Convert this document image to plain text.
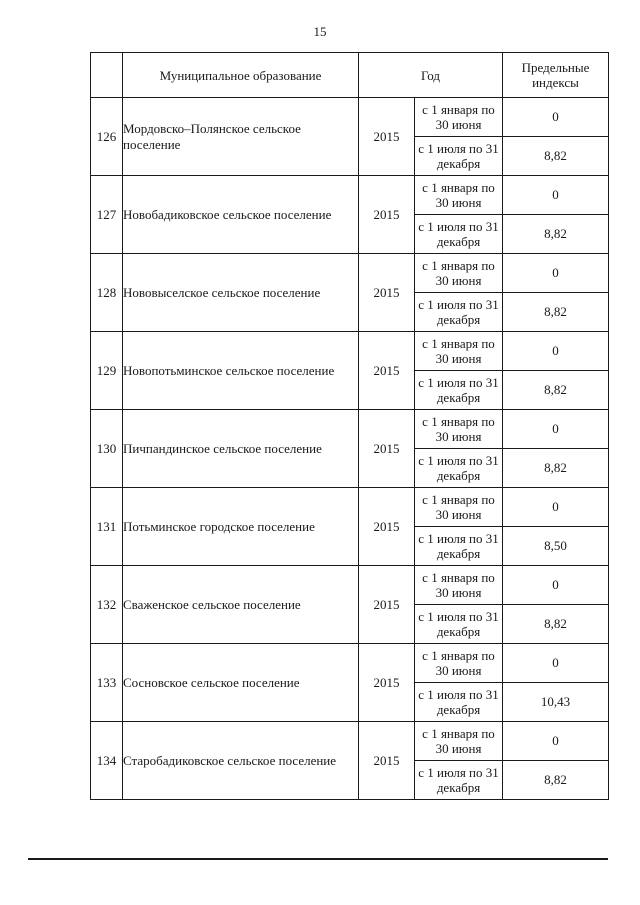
15
	Муниципальное образование	Год		Предельные индексы
126	Мордовско–Полянское сельское поселение	2015	с 1 января по 30 июня	0
			с 1 июля по 31 декабря	8,82
127	Новобадиковское сельское поселение	2015	с 1 января по 30 июня	0
			с 1 июля по 31 декабря	8,82
128	Нововыселское сельское поселение	2015	с 1 января по 30 июня	0
			с 1 июля по 31 декабря	8,82
129	Новопотьминское сельское поселение	2015	с 1 января по 30 июня	0
			с 1 июля по 31 декабря	8,82
130	Пичпандинское сельское поселение	2015	с 1 января по 30 июня	0
			с 1 июля по 31 декабря	8,82
131	Потьминское городское поселение	2015	с 1 января по 30 июня	0
			с 1 июля по 31 декабря	8,50
132	Сваженское сельское поселение	2015	с 1 января по 30 июня	0
			с 1 июля по 31 декабря	8,82
133	Сосновское сельское поселение	2015	с 1 января по 30 июня	0
			с 1 июля по 31 декабря	10,43
134	Старобадиковское сельское поселение	2015	с 1 января по 30 июня	0
			с 1 июля по 31 декабря	8,82
